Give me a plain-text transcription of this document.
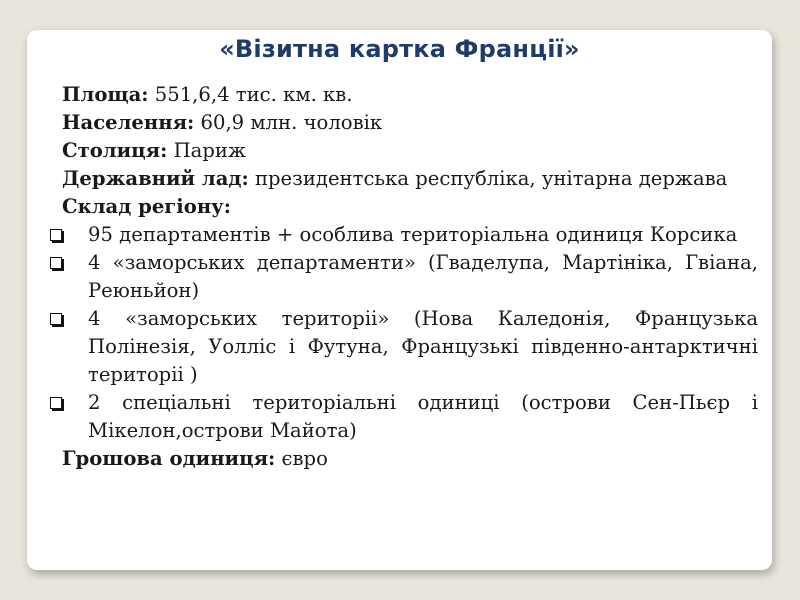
«Візитна картка Франції»

Площа: 551,6,4 тис. км. кв.

Населення: 60,9 млн. чоловік

Столиця: Париж

Державний лад: президентська республіка, унітарна держава

Склад регіону:

95 департаментів + особлива територіальна одиниця Корсика
4 «заморських департаменти» (Гваделупа, Мартініка, Гвіана, Реюньйон)
4 «заморських територіі» (Нова Каледонія, Французька Полінезія, Уолліс і Футуна, Французькі південно-антарктичні територіі )
2 спеціальні територіальні одиниці (острови Сен-Пьєр і Мікелон,острови Майота)

Грошова одиниця: євро
